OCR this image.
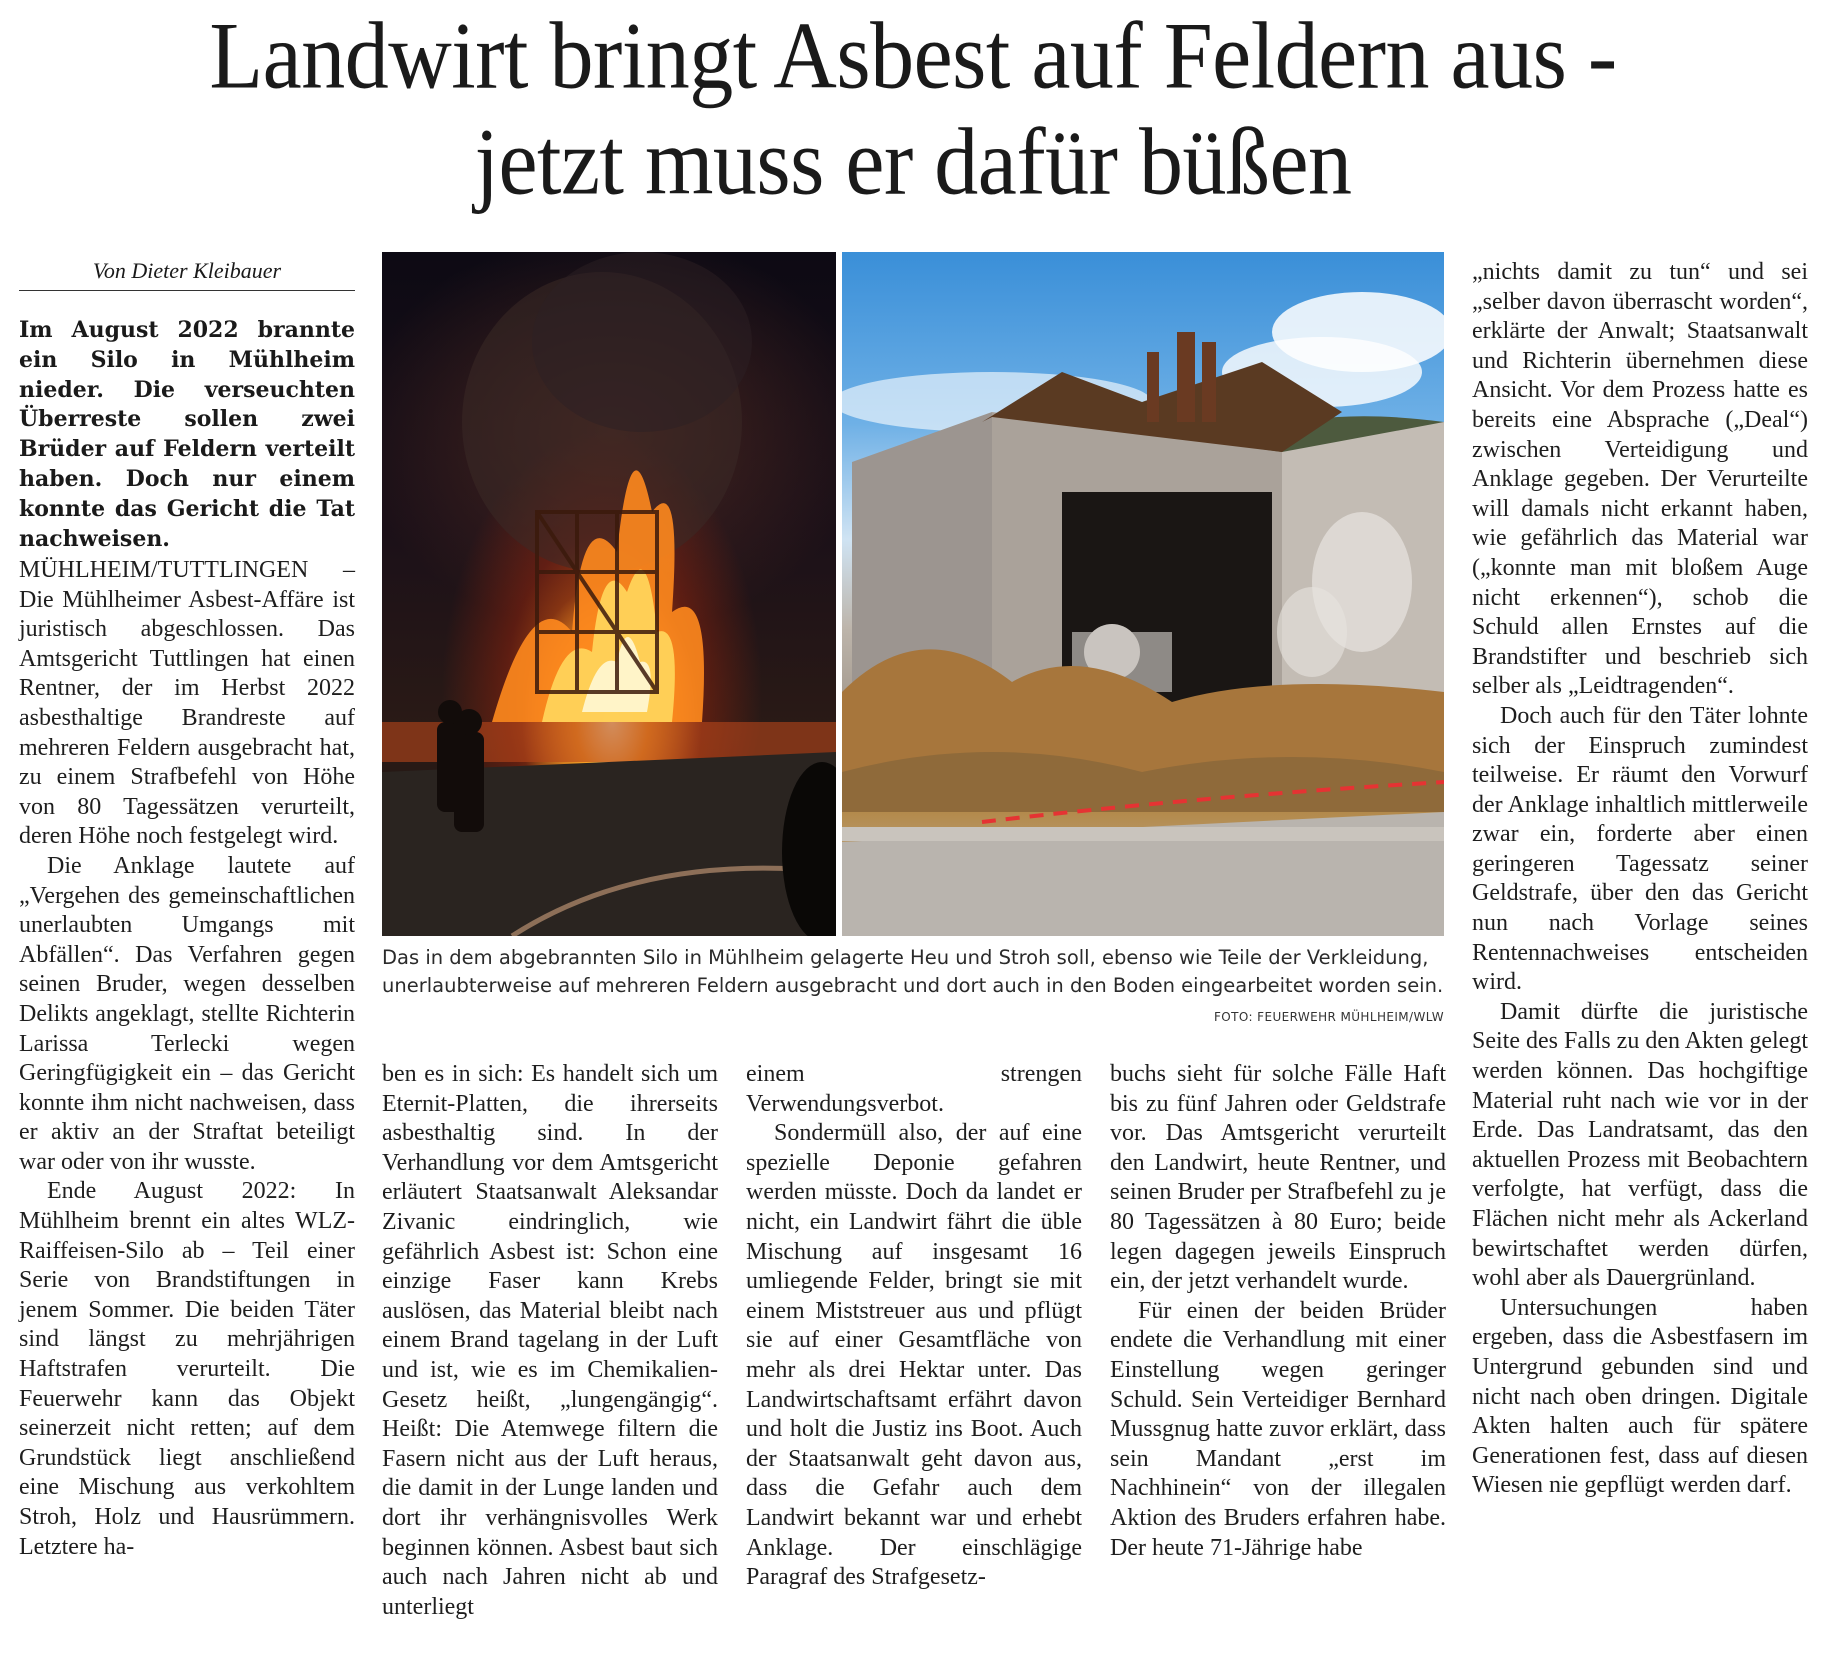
Landwirt bringt Asbest auf Feldern aus -
jetzt muss er dafür büßen
Von Dieter Kleibauer
Im August 2022 brannte ein Silo in Mühlheim nieder. Die verseuchten Überreste sollen zwei Brüder auf Feldern verteilt haben. Doch nur einem konnte das Gericht die Tat nachweisen.

MÜHLHEIM/TUTTLINGEN – Die Mühlheimer Asbest-Affäre ist juristisch abgeschlossen. Das Amtsgericht Tuttlingen hat einen Rentner, der im Herbst 2022 asbesthaltige Brandreste auf mehreren Feldern ausgebracht hat, zu einem Strafbefehl von Höhe von 80 Tagessätzen verurteilt, deren Höhe noch festgelegt wird.

Die Anklage lautete auf „Vergehen des gemeinschaftlichen unerlaubten Umgangs mit Abfällen“. Das Verfahren gegen seinen Bruder, wegen desselben Delikts angeklagt, stellte Richterin Larissa Terlecki wegen Geringfügigkeit ein – das Gericht konnte ihm nicht nachweisen, dass er aktiv an der Straftat beteiligt war oder von ihr wusste.

Ende August 2022: In Mühlheim brennt ein altes WLZ-Raiffeisen-Silo ab – Teil einer Serie von Brandstiftungen in jenem Sommer. Die beiden Täter sind längst zu mehrjährigen Haftstrafen verurteilt. Die Feuerwehr kann das Objekt seinerzeit nicht retten; auf dem Grundstück liegt anschließend eine Mischung aus verkohltem Stroh, Holz und Hausrümmern. Letztere ha-

Das in dem abgebrannten Silo in Mühlheim gelagerte Heu und Stroh soll, ebenso wie Teile der Verkleidung, unerlaubterweise auf mehreren Feldern ausgebracht und dort auch in den Boden eingearbeitet worden sein.
FOTO: FEUERWEHR MÜHLHEIM/WLW

ben es in sich: Es handelt sich um Eternit-Platten, die ihrerseits asbesthaltig sind. In der Verhandlung vor dem Amtsgericht erläutert Staatsanwalt Aleksandar Zivanic eindringlich, wie gefährlich Asbest ist: Schon eine einzige Faser kann Krebs auslösen, das Material bleibt nach einem Brand tagelang in der Luft und ist, wie es im Chemikalien-Gesetz heißt, „lungengängig“. Heißt: Die Atemwege filtern die Fasern nicht aus der Luft heraus, die damit in der Lunge landen und dort ihr verhängnisvolles Werk beginnen können. Asbest baut sich auch nach Jahren nicht ab und unterliegt

einem strengen Verwendungsverbot.

Sondermüll also, der auf eine spezielle Deponie gefahren werden müsste. Doch da landet er nicht, ein Landwirt fährt die üble Mischung auf insgesamt 16 umliegende Felder, bringt sie mit einem Miststreuer aus und pflügt sie auf einer Gesamtfläche von mehr als drei Hektar unter. Das Landwirtschaftsamt erfährt davon und holt die Justiz ins Boot. Auch der Staatsanwalt geht davon aus, dass die Gefahr auch dem Landwirt bekannt war und erhebt Anklage. Der einschlägige Paragraf des Strafgesetz-

buchs sieht für solche Fälle Haft bis zu fünf Jahren oder Geldstrafe vor. Das Amtsgericht verurteilt den Landwirt, heute Rentner, und seinen Bruder per Strafbefehl zu je 80 Tagessätzen à 80 Euro; beide legen dagegen jeweils Einspruch ein, der jetzt verhandelt wurde.

Für einen der beiden Brüder endete die Verhandlung mit einer Einstellung wegen geringer Schuld. Sein Verteidiger Bernhard Mussgnug hatte zuvor erklärt, dass sein Mandant „erst im Nachhinein“ von der illegalen Aktion des Bruders erfahren habe. Der heute 71-Jährige habe

„nichts damit zu tun“ und sei „selber davon überrascht worden“, erklärte der Anwalt; Staatsanwalt und Richterin übernehmen diese Ansicht. Vor dem Prozess hatte es bereits eine Absprache („Deal“) zwischen Verteidigung und Anklage gegeben. Der Verurteilte will damals nicht erkannt haben, wie gefährlich das Material war („konnte man mit bloßem Auge nicht erkennen“), schob die Schuld allen Ernstes auf die Brandstifter und beschrieb sich selber als „Leidtragenden“.

Doch auch für den Täter lohnte sich der Einspruch zumindest teilweise. Er räumt den Vorwurf der Anklage inhaltlich mittlerweile zwar ein, forderte aber einen geringeren Tagessatz seiner Geldstrafe, über den das Gericht nun nach Vorlage seines Rentennachweises entscheiden wird.

Damit dürfte die juristische Seite des Falls zu den Akten gelegt werden können. Das hochgiftige Material ruht nach wie vor in der Erde. Das Landratsamt, das den aktuellen Prozess mit Beobachtern verfolgte, hat verfügt, dass die Flächen nicht mehr als Ackerland bewirtschaftet werden dürfen, wohl aber als Dauergrünland.

Untersuchungen haben ergeben, dass die Asbestfasern im Untergrund gebunden sind und nicht nach oben dringen. Digitale Akten halten auch für spätere Generationen fest, dass auf diesen Wiesen nie gepflügt werden darf.
